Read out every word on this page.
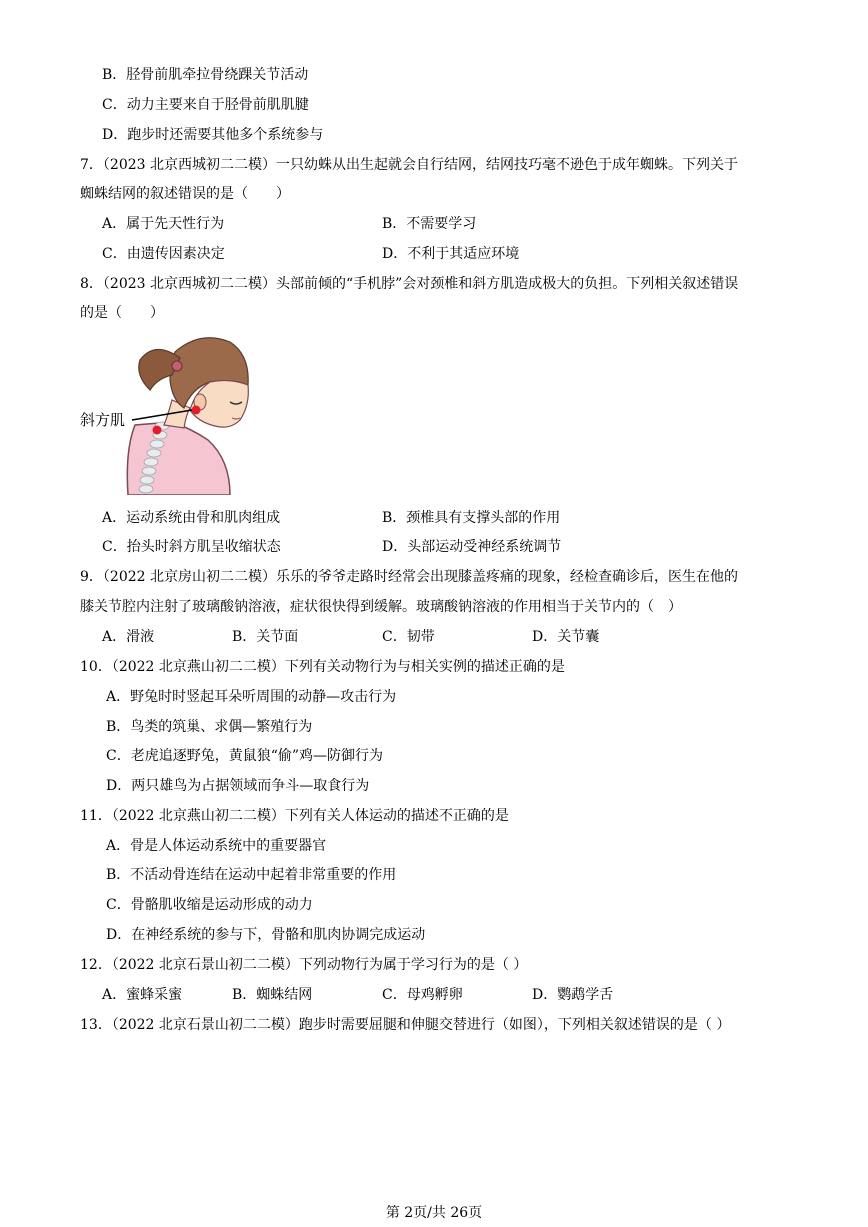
B．胫骨前肌牵拉骨绕踝关节活动
C．动力主要来自于胫骨前肌肌腱
D．跑步时还需要其他多个系统参与
7．（2023 北京西城初二二模）一只幼蛛从出生起就会自行结网，结网技巧毫不逊色于成年蜘蛛。下列关于
蜘蛛结网的叙述错误的是（　　）
A．属于先天性行为	B．不需要学习
C．由遗传因素决定	D．不利于其适应环境
8．（2023 北京西城初二二模）头部前倾的“手机脖”会对颈椎和斜方肌造成极大的负担。下列相关叙述错误
的是（　　）
斜方肌
A．运动系统由骨和肌肉组成	B．颈椎具有支撑头部的作用
C．抬头时斜方肌呈收缩状态	D．头部运动受神经系统调节
9．（2022 北京房山初二二模）乐乐的爷爷走路时经常会出现膝盖疼痛的现象，经检查确诊后，医生在他的
膝关节腔内注射了玻璃酸钠溶液，症状很快得到缓解。玻璃酸钠溶液的作用相当于关节内的（　）
A．滑液	B．关节面	C．韧带	D．关节囊
10．（2022 北京燕山初二二模）下列有关动物行为与相关实例的描述正确的是
A．野兔时时竖起耳朵听周围的动静—攻击行为
B．鸟类的筑巢、求偶—繁殖行为
C．老虎追逐野兔，黄鼠狼“偷”鸡—防御行为
D．两只雄鸟为占据领域而争斗—取食行为
11．（2022 北京燕山初二二模）下列有关人体运动的描述不正确的是
A．骨是人体运动系统中的重要器官
B．不活动骨连结在运动中起着非常重要的作用
C．骨骼肌收缩是运动形成的动力
D．在神经系统的参与下，骨骼和肌肉协调完成运动
12．（2022 北京石景山初二二模）下列动物行为属于学习行为的是（ ）
A．蜜蜂采蜜	B．蜘蛛结网	C．母鸡孵卵	D．鹦鹉学舌
13．（2022 北京石景山初二二模）跑步时需要屈腿和伸腿交替进行（如图），下列相关叙述错误的是（ ）
第 2页/共 26页
